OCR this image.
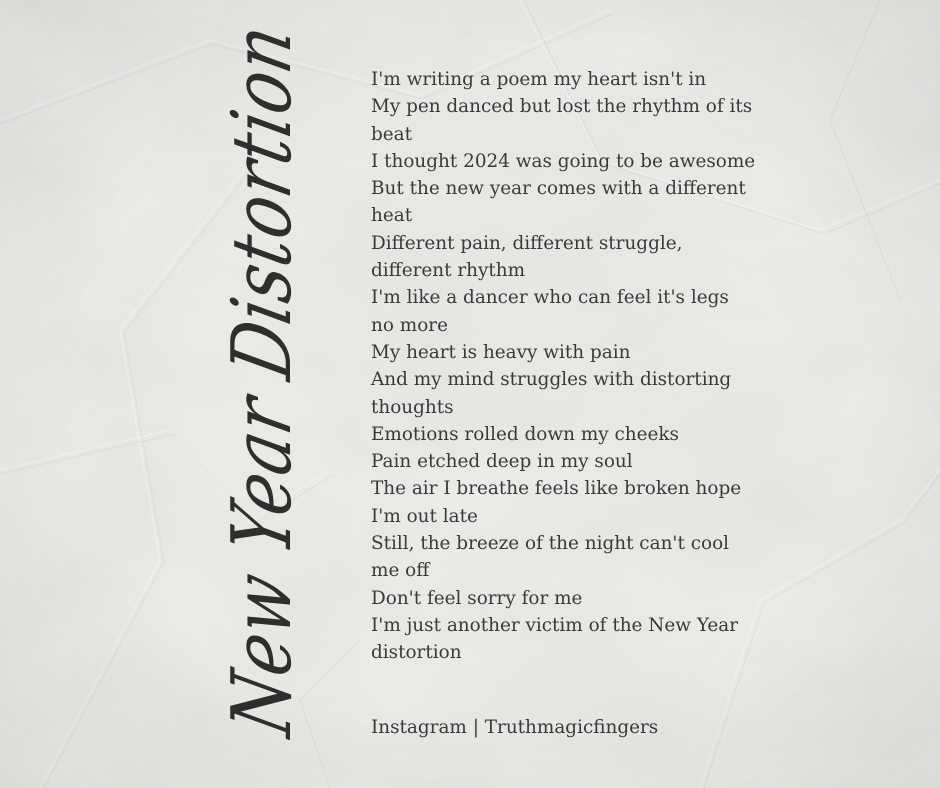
New Year Distortion	I'm writing a poem my heart isn't in
My pen danced but lost the rhythm of its beat
I thought 2024 was going to be awesome
But the new year comes with a different heat
Different pain, different struggle, different rhythm
I'm like a dancer who can feel it's legs no more
My heart is heavy with pain
And my mind struggles with distorting thoughts
Emotions rolled down my cheeks
Pain etched deep in my soul
The air I breathe feels like broken hope
I'm out late
Still, the breeze of the night can't cool me off
Don't feel sorry for me
I'm just another victim of the New Year distortion
Instagram | Truthmagicfingers
